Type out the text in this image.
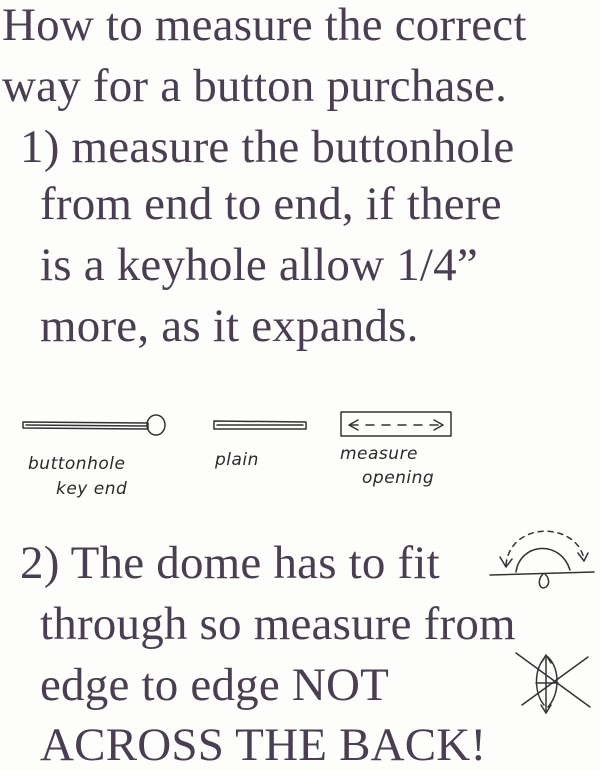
How to measure the correct
way for a button purchase.
1) measure the buttonhole
from end to end, if there
is a keyhole allow 1/4”
more, as it expands.
buttonhole
key end
plain	measure
opening
2) The dome has to fit
through so measure from
edge to edge NOT
ACROSS THE BACK!
